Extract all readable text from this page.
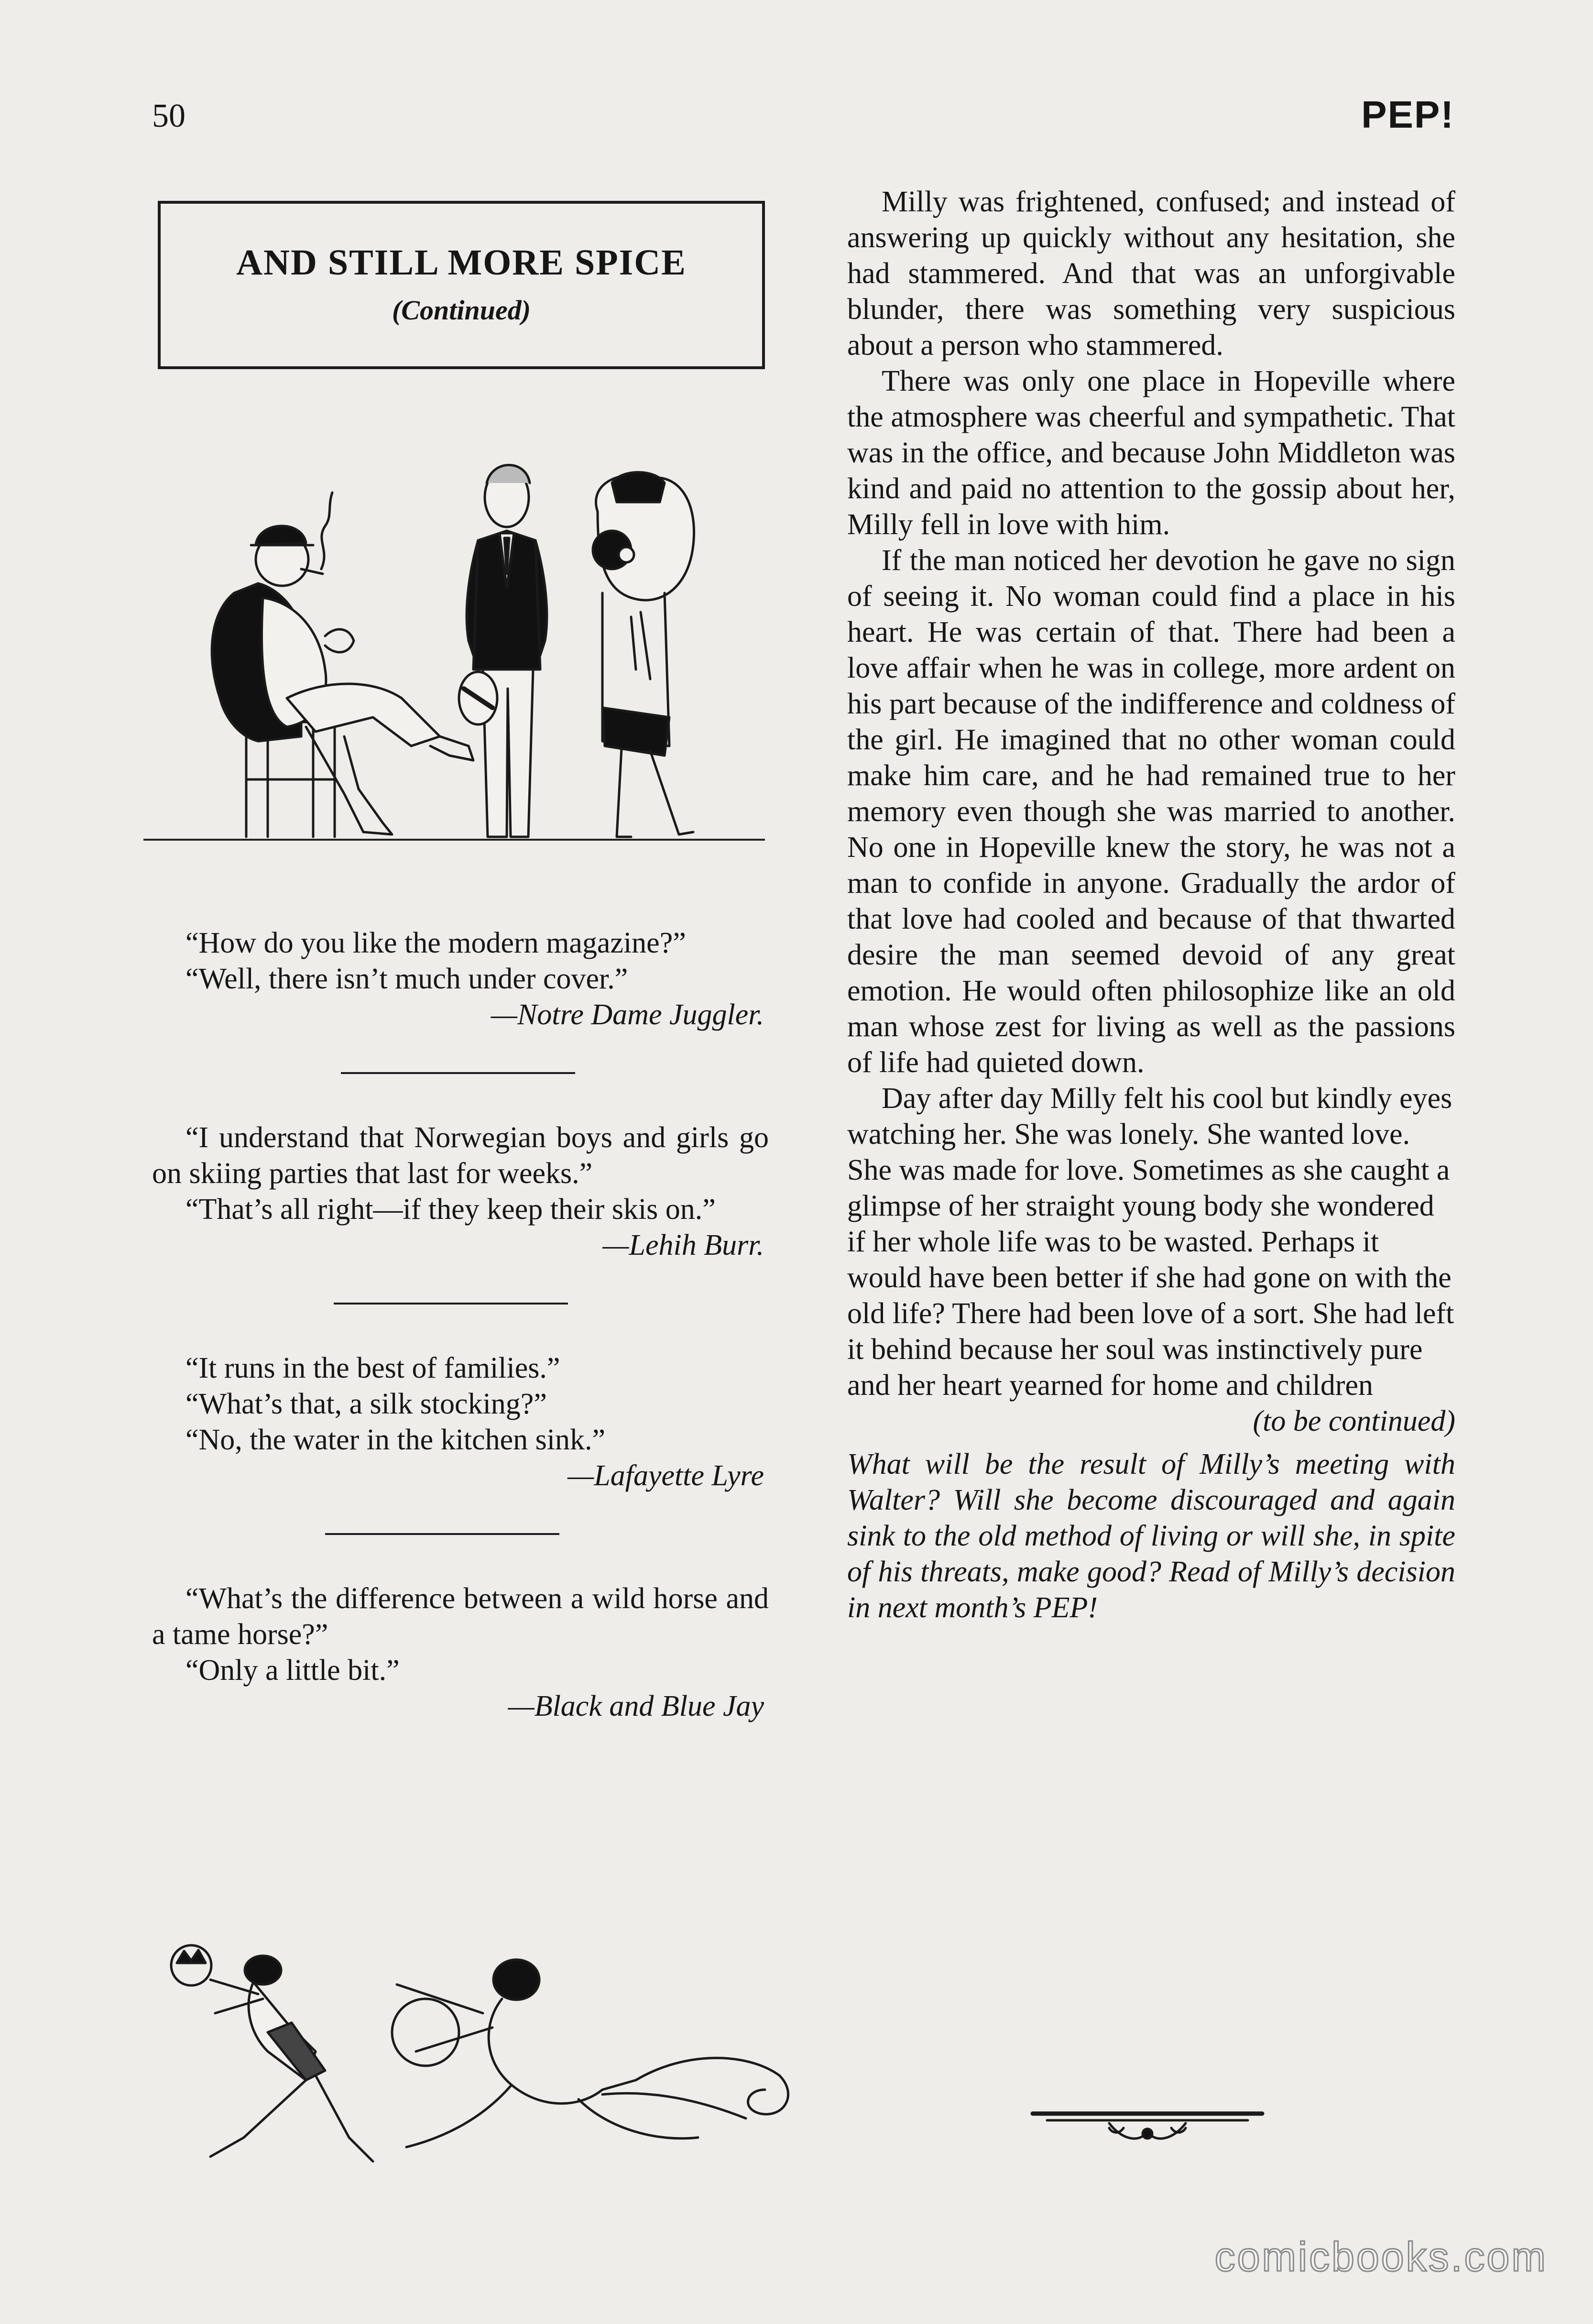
50	PEP!
AND STILL MORE SPICE
(Continued)

“How do you like the modern magazine?”

“Well, there isn’t much under cover.”

—Notre Dame Juggler.

“I understand that Norwegian boys and girls go on skiing parties that last for weeks.”

“That’s all right—if they keep their skis on.”

—Lehih Burr.

“It runs in the best of families.”

“What’s that, a silk stocking?”

“No, the water in the kitchen sink.”

—Lafayette Lyre

“What’s the difference between a wild horse and a tame horse?”

“Only a little bit.”

—Black and Blue Jay

Milly was frightened, confused; and instead of answering up quickly without any hesitation, she had stammered. And that was an unforgivable blunder, there was something very suspicious about a person who stammered.

There was only one place in Hopeville where the atmosphere was cheerful and sympathetic. That was in the office, and because John Middleton was kind and paid no attention to the gossip about her, Milly fell in love with him.

If the man noticed her devotion he gave no sign of seeing it. No woman could find a place in his heart. He was certain of that. There had been a love affair when he was in college, more ardent on his part because of the indifference and coldness of the girl. He imagined that no other woman could make him care, and he had remained true to her memory even though she was married to another. No one in Hopeville knew the story, he was not a man to confide in anyone. Gradually the ardor of that love had cooled and because of that thwarted desire the man seemed devoid of any great emotion. He would often philosophize like an old man whose zest for living as well as the passions of life had quieted down.

Day after day Milly felt his cool but kindly eyes watching her. She was lonely. She wanted love. She was made for love. Sometimes as she caught a glimpse of her straight young body she wondered if her whole life was to be wasted. Perhaps it would have been better if she had gone on with the old life? There had been love of a sort. She had left it behind because her soul was instinctively pure and her heart yearned for home and children
(to be continued)

What will be the result of Milly’s meeting with Walter? Will she become discouraged and again sink to the old method of living or will she, in spite of his threats, make good? Read of Milly’s decision in next month’s PEP!
comicbooks.com
